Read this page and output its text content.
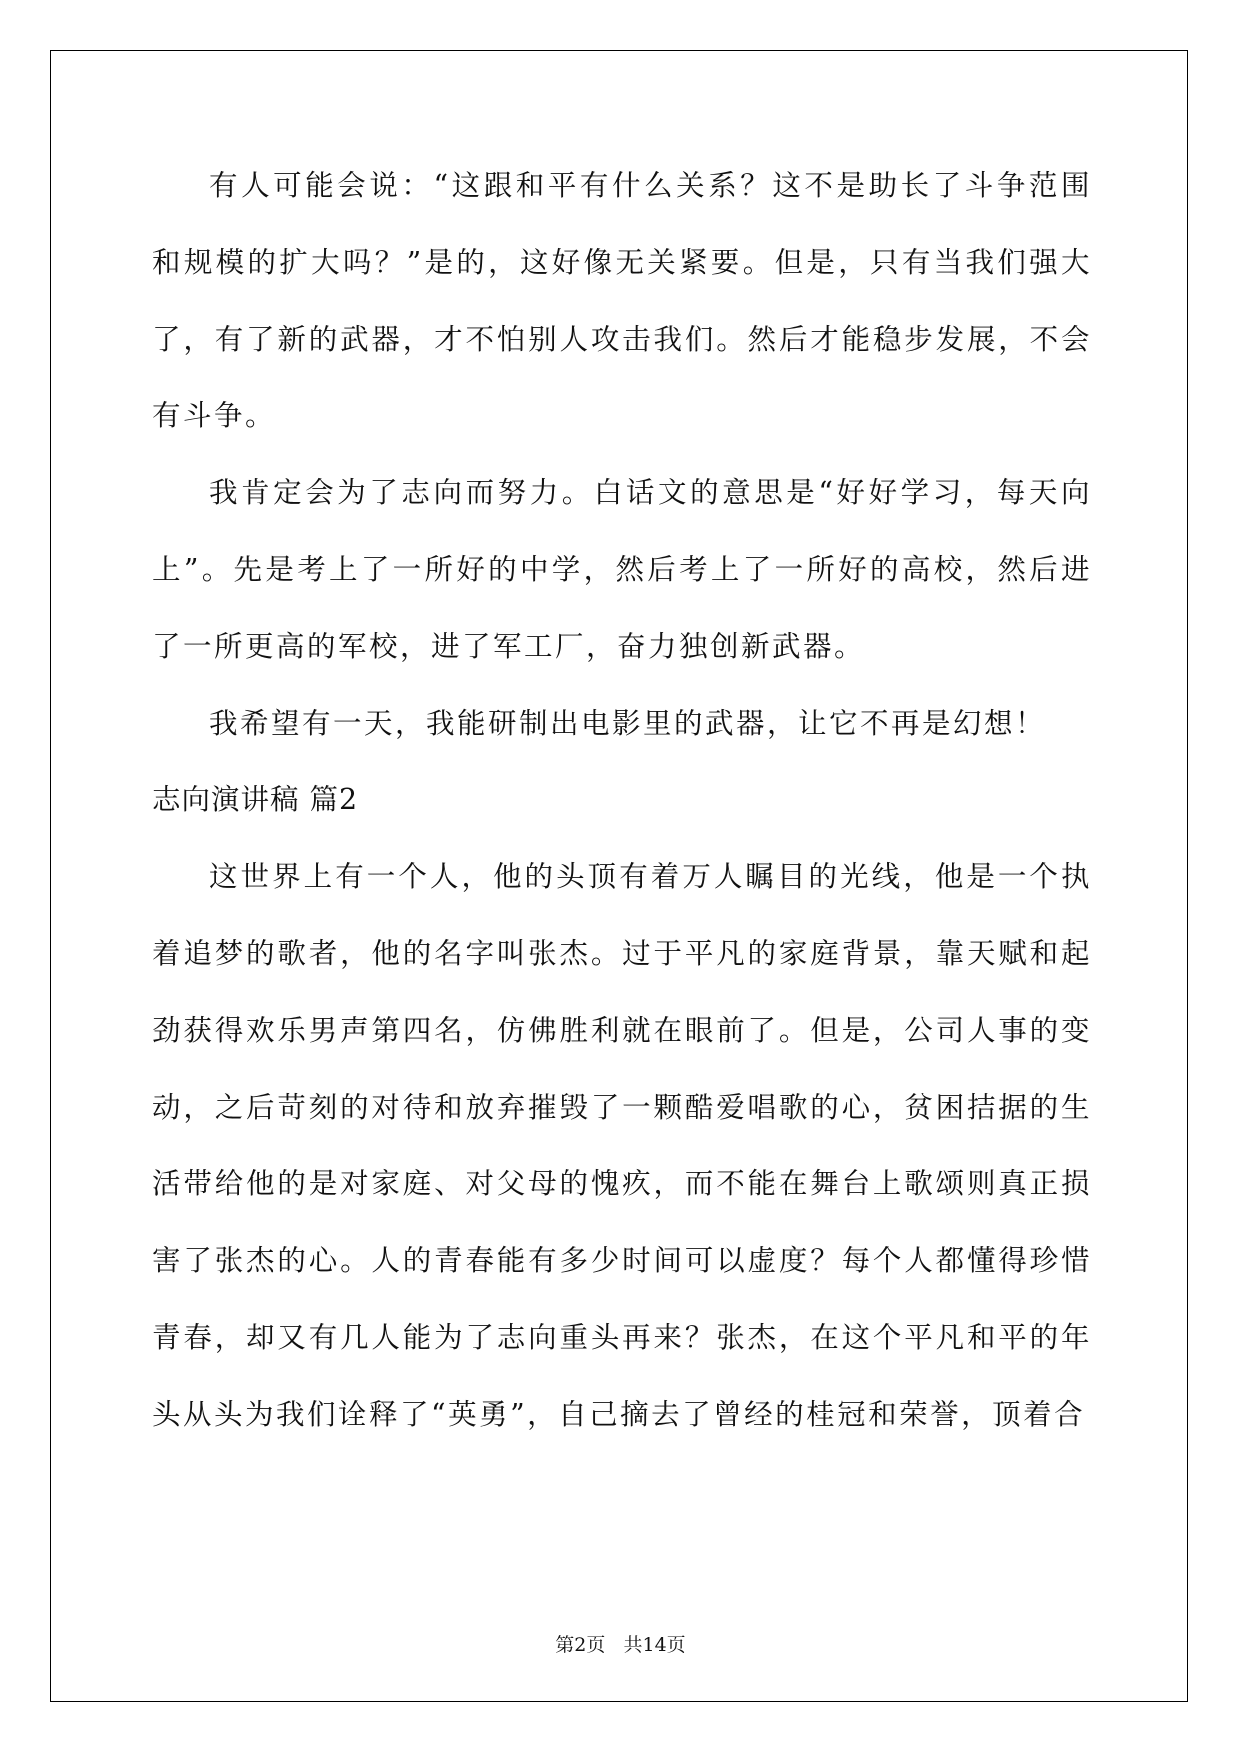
有人可能会说：“这跟和平有什么关系？这不是助长了斗争范围和规模的扩大吗？”是的，这好像无关紧要。但是，只有当我们强大了，有了新的武器，才不怕别人攻击我们。然后才能稳步发展，不会有斗争。

我肯定会为了志向而努力。白话文的意思是“好好学习，每天向上”。先是考上了一所好的中学，然后考上了一所好的高校，然后进了一所更高的军校，进了军工厂，奋力独创新武器。

我希望有一天，我能研制出电影里的武器，让它不再是幻想！

志向演讲稿 篇2

这世界上有一个人，他的头顶有着万人瞩目的光线，他是一个执着追梦的歌者，他的名字叫张杰。过于平凡的家庭背景，靠天赋和起劲获得欢乐男声第四名，仿佛胜利就在眼前了。但是，公司人事的变动，之后苛刻的对待和放弃摧毁了一颗酷爱唱歌的心，贫困拮据的生活带给他的是对家庭、对父母的愧疚，而不能在舞台上歌颂则真正损害了张杰的心。人的青春能有多少时间可以虚度？每个人都懂得珍惜青春，却又有几人能为了志向重头再来？张杰，在这个平凡和平的年头从头为我们诠释了“英勇”，自己摘去了曾经的桂冠和荣誉，顶着合

第2页   共14页
